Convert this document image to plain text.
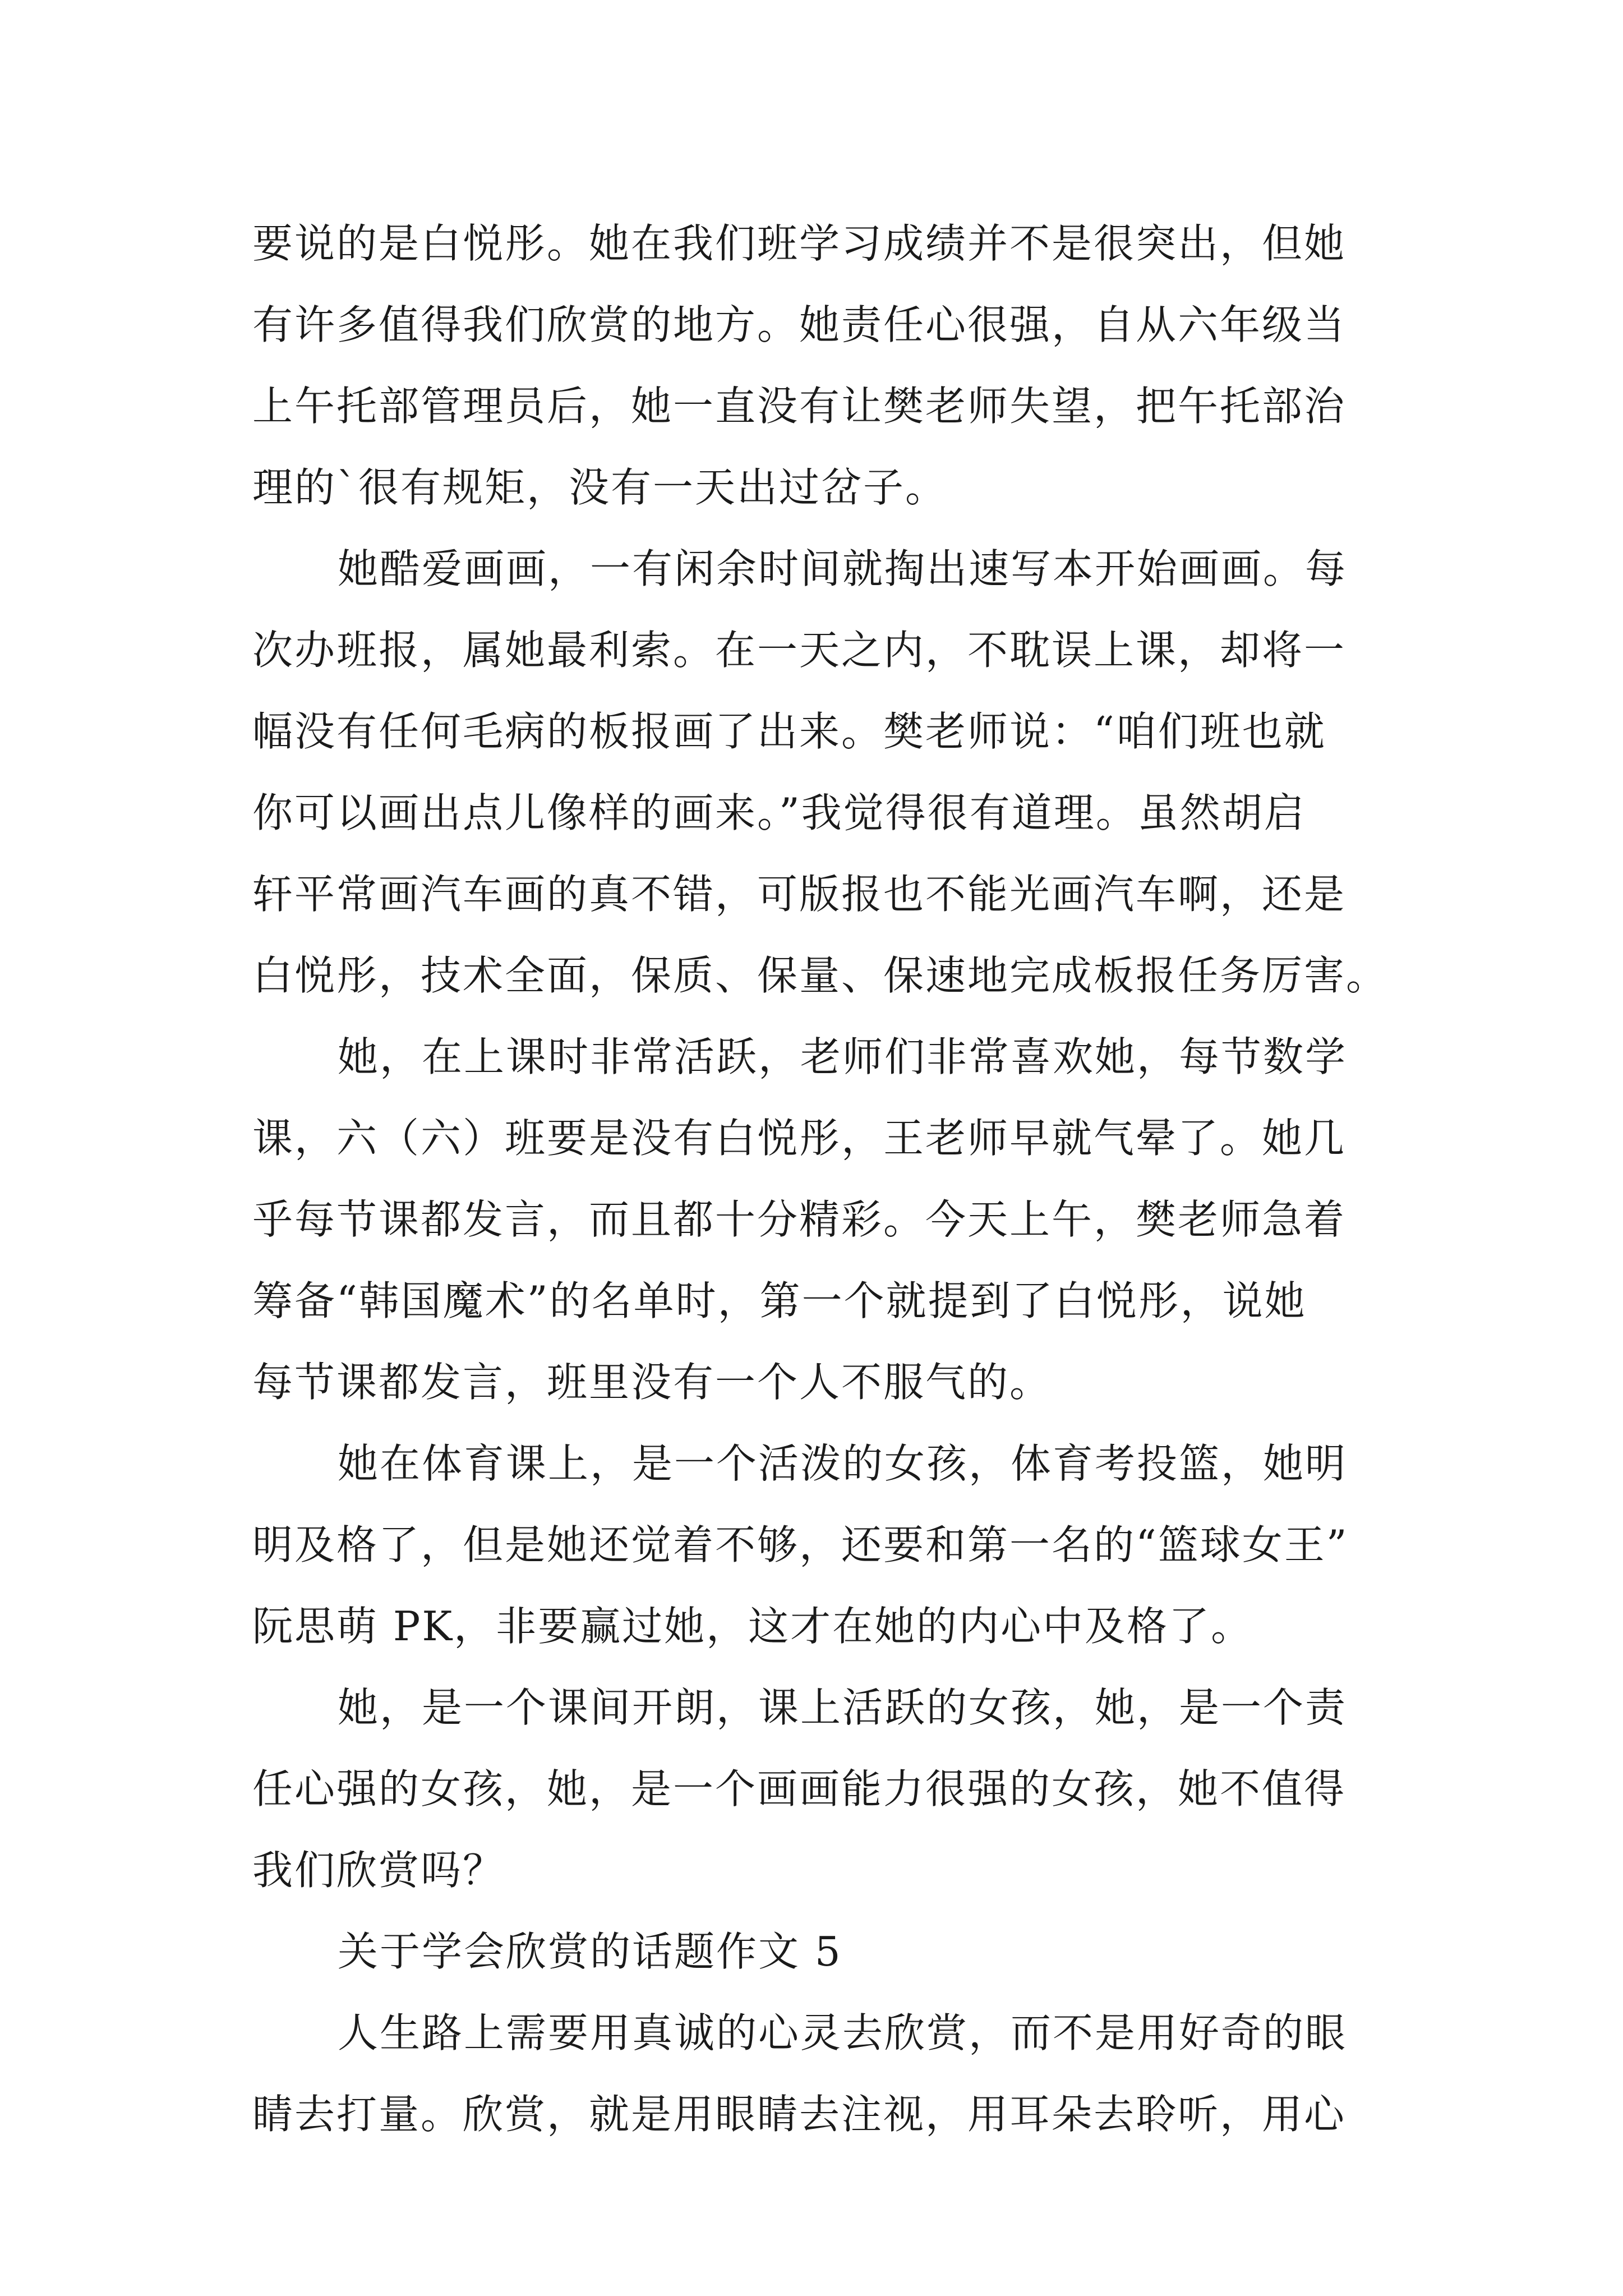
要说的是白悦彤。她在我们班学习成绩并不是很突出，但她
有许多值得我们欣赏的地方。她责任心很强，自从六年级当
上午托部管理员后，她一直没有让樊老师失望，把午托部治
理的`很有规矩，没有一天出过岔子。
她酷爱画画，一有闲余时间就掏出速写本开始画画。每
次办班报，属她最利索。在一天之内，不耽误上课，却将一
幅没有任何毛病的板报画了出来。樊老师说：“咱们班也就
你可以画出点儿像样的画来。”我觉得很有道理。虽然胡启
轩平常画汽车画的真不错，可版报也不能光画汽车啊，还是
白悦彤，技术全面，保质、保量、保速地完成板报任务厉害。
她，在上课时非常活跃，老师们非常喜欢她，每节数学
课，六（六）班要是没有白悦彤，王老师早就气晕了。她几
乎每节课都发言，而且都十分精彩。今天上午，樊老师急着
筹备“韩国魔术”的名单时，第一个就提到了白悦彤，说她
每节课都发言，班里没有一个人不服气的。
她在体育课上，是一个活泼的女孩，体育考投篮，她明
明及格了，但是她还觉着不够，还要和第一名的“篮球女王”
阮思萌 PK，非要赢过她，这才在她的内心中及格了。
她，是一个课间开朗，课上活跃的女孩，她，是一个责
任心强的女孩，她，是一个画画能力很强的女孩，她不值得
我们欣赏吗？
关于学会欣赏的话题作文 5
人生路上需要用真诚的心灵去欣赏，而不是用好奇的眼
睛去打量。欣赏，就是用眼睛去注视，用耳朵去聆听，用心
